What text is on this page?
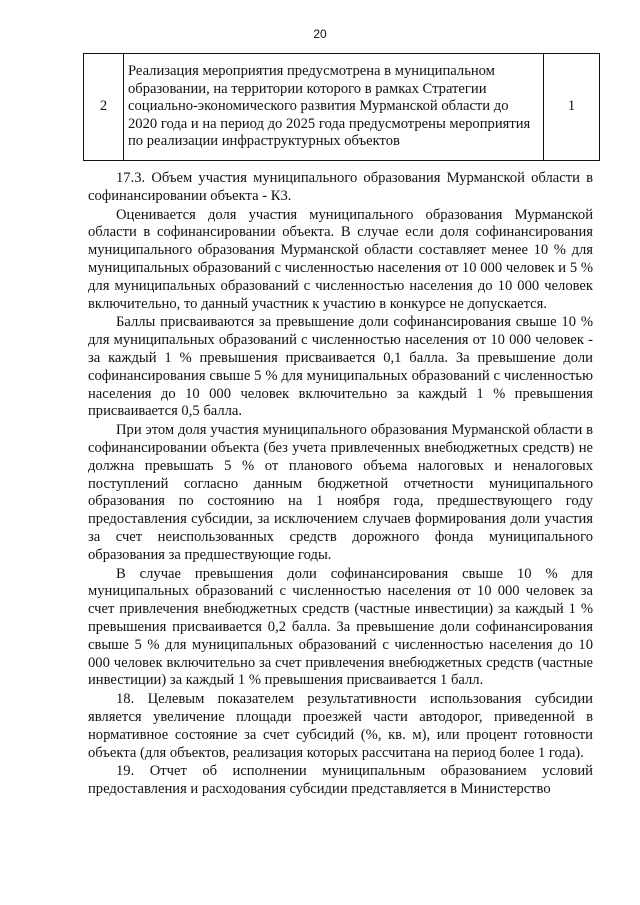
20
2	Реализация мероприятия предусмотрена в муниципальном образовании, на территории которого в рамках Стратегии социально-экономического развития Мурманской области до 2020 года и на период до 2025 года предусмотрены мероприятия по реализации инфраструктурных объектов	1

17.3. Объем участия муниципального образования Мурманской области в софинансировании объекта - К3.

Оценивается доля участия муниципального образования Мурманской области в софинансировании объекта. В случае если доля софинансирования муниципального образования Мурманской области составляет менее 10 % для муниципальных образований с численностью населения от 10 000 человек и 5 % для муниципальных образований с численностью населения до 10 000 человек включительно, то данный участник к участию в конкурсе не допускается.

Баллы присваиваются за превышение доли софинансирования свыше 10 % для муниципальных образований с численностью населения от 10 000 человек - за каждый 1 % превышения присваивается 0,1 балла. За превышение доли софинансирования свыше 5 % для муниципальных образований с численностью населения до 10 000 человек включительно за каждый 1 % превышения присваивается 0,5 балла.

При этом доля участия муниципального образования Мурманской области в софинансировании объекта (без учета привлеченных внебюджетных средств) не должна превышать 5 % от планового объема налоговых и неналоговых поступлений согласно данным бюджетной отчетности муниципального образования по состоянию на 1 ноября года, предшествующего году предоставления субсидии, за исключением случаев формирования доли участия за счет неиспользованных средств дорожного фонда муниципального образования за предшествующие годы.

В случае превышения доли софинансирования свыше 10 % для муниципальных образований с численностью населения от 10 000 человек за счет привлечения внебюджетных средств (частные инвестиции) за каждый 1 % превышения присваивается 0,2 балла. За превышение доли софинансирования свыше 5 % для муниципальных образований с численностью населения до 10 000 человек включительно за счет привлечения внебюджетных средств (частные инвестиции) за каждый 1 % превышения присваивается 1 балл.

18. Целевым показателем результативности использования субсидии является увеличение площади проезжей части автодорог, приведенной в нормативное состояние за счет субсидий (%, кв. м), или процент готовности объекта (для объектов, реализация которых рассчитана на период более 1 года).

19. Отчет об исполнении муниципальным образованием условий предоставления и расходования субсидии представляется в Министерство
